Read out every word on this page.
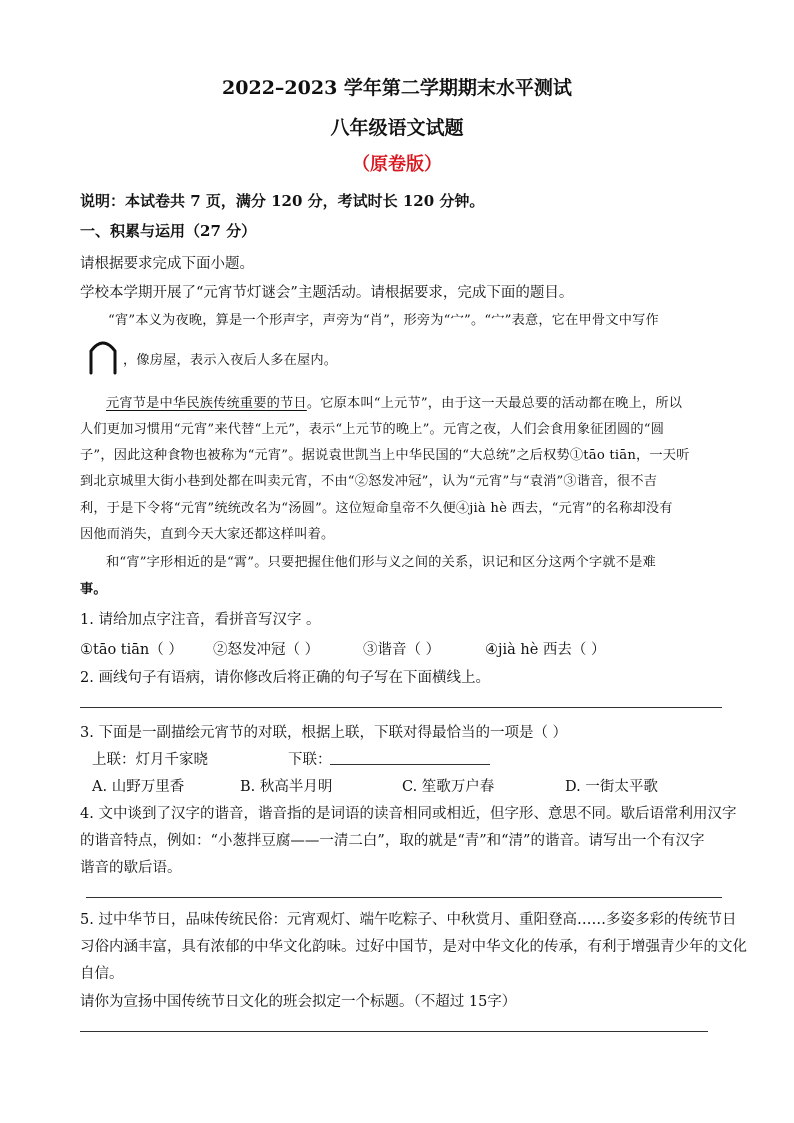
2022–2023 学年第二学期期末水平测试
八年级语文试题
（原卷版）
说明：本试卷共 7 页，满分 120 分，考试时长 120 分钟。
一、积累与运用（27 分）
请根据要求完成下面小题。
学校本学期开展了“元宵节灯谜会”主题活动。请根据要求，完成下面的题目。
“宵”本义为夜晚，算是一个形声字，声旁为“肖”，形旁为“宀”。“宀”表意，它在甲骨文中写作
，像房屋，表示入夜后人多在屋内。
元宵节是中华民族传统重要的节日。它原本叫“上元节”，由于这一天最总要的活动都在晚上，所以
人们更加习惯用“元宵”来代替“上元”，表示“上元节的晚上”。元宵之夜，人们会食用象征团圆的“圆
子”，因此这种食物也被称为“元宵”。据说袁世凯当上中华民国的“大总统”之后权势①tāo tiān，一天听
到北京城里大街小巷到处都在叫卖元宵，不由“②怒发冲冠”，认为“元宵”与“袁消”③谐音，很不吉
利，于是下令将“元宵”统统改名为“汤圆”。这位短命皇帝不久便④jià hè 西去，“元宵”的名称却没有
因他而消失，直到今天大家还都这样叫着。
和“宵”字形相近的是“霄”。只要把握住他们形与义之间的关系，识记和区分这两个字就不是难
事。
1. 请给加点字注音，看拼音写汉字 。
①tāo tiān（ ） ②怒发冲冠（ ）	③谐音（ ）	④jià hè 西去（ ）
2. 画线句子有语病，请你修改后将正确的句子写在下面横线上。
3. 下面是一副描绘元宵节的对联，根据上联，下联对得最恰当的一项是（ ）
上联：灯月千家晓	下联：
A. 山野万里香	B. 秋高半月明	C. 笙歌万户春	D. 一街太平歌
4. 文中谈到了汉字的谐音，谐音指的是词语的读音相同或相近，但字形、意思不同。歇后语常利用汉字
的谐音特点，例如：“小葱拌豆腐——一清二白”，取的就是“青”和“清”的谐音。请写出一个有汉字
谐音的歇后语。
5. 过中华节日，品味传统民俗：元宵观灯、端午吃粽子、中秋赏月、重阳登高……多姿多彩的传统节日
习俗内涵丰富，具有浓郁的中华文化韵味。过好中国节，是对中华文化的传承，有利于增强青少年的文化
自信。
请你为宣扬中国传统节日文化的班会拟定一个标题。（不超过 15字）
